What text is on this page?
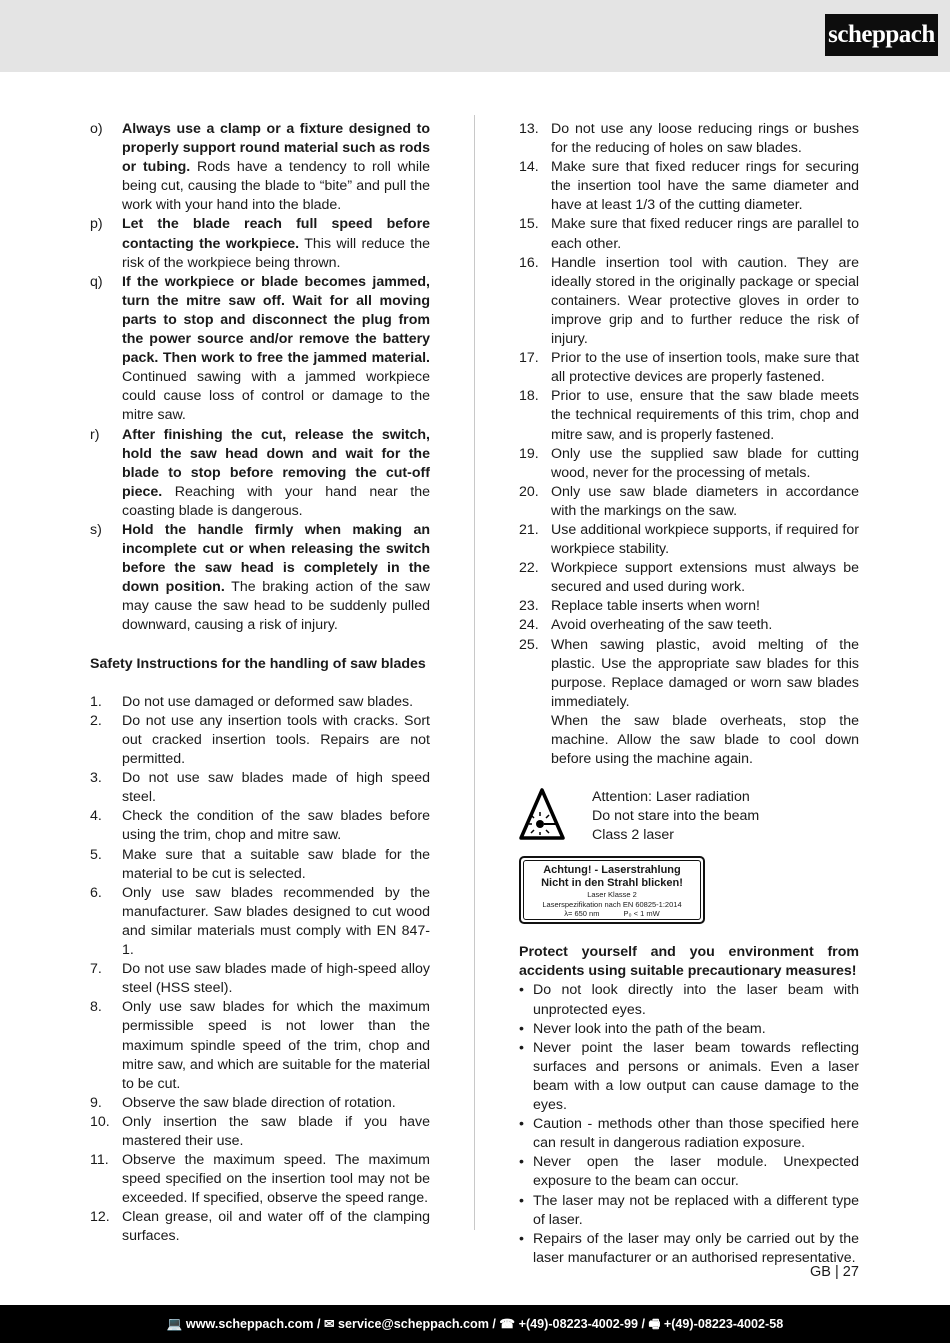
scheppach
o)	Always use a clamp or a fixture designed to properly support round material such as rods or tubing. Rods have a tendency to roll while being cut, causing the blade to “bite” and pull the work with your hand into the blade.
p)	Let the blade reach full speed before contacting the workpiece. This will reduce the risk of the workpiece being thrown.
q)	If the workpiece or blade becomes jammed, turn the mitre saw off. Wait for all moving parts to stop and disconnect the plug from the power source and/or remove the battery pack. Then work to free the jammed material. Continued sawing with a jammed workpiece could cause loss of control or damage to the mitre saw.
r)	After finishing the cut, release the switch, hold the saw head down and wait for the blade to stop before removing the cut-off piece. Reaching with your hand near the coasting blade is dangerous.
s)	Hold the handle firmly when making an incomplete cut or when releasing the switch before the saw head is completely in the down position. The braking action of the saw may cause the saw head to be suddenly pulled downward, causing a risk of injury.
Safety Instructions for the handling of saw blades
1.	Do not use damaged or deformed saw blades.
2.	Do not use any insertion tools with cracks. Sort out cracked insertion tools. Repairs are not permitted.
3.	Do not use saw blades made of high speed steel.
4.	Check the condition of the saw blades before using the trim, chop and mitre saw.
5.	Make sure that a suitable saw blade for the material to be cut is selected.
6.	Only use saw blades recommended by the manufacturer. Saw blades designed to cut wood and similar materials must comply with EN 847-1.
7.	Do not use saw blades made of high-speed alloy steel (HSS steel).
8.	Only use saw blades for which the maximum permissible speed is not lower than the maximum spindle speed of the trim, chop and mitre saw, and which are suitable for the material to be cut.
9.	Observe the saw blade direction of rotation.
10. Only insertion the saw blade if you have mastered their use.
11. Observe the maximum speed. The maximum speed specified on the insertion tool may not be exceeded. If specified, observe the speed range.
12. Clean grease, oil and water off of the clamping surfaces.
13. Do not use any loose reducing rings or bushes for the reducing of holes on saw blades.
14. Make sure that fixed reducer rings for securing the insertion tool have the same diameter and have at least 1/3 of the cutting diameter.
15. Make sure that fixed reducer rings are parallel to each other.
16. Handle insertion tool with caution. They are ideally stored in the originally package or special containers. Wear protective gloves in order to improve grip and to further reduce the risk of injury.
17. Prior to the use of insertion tools, make sure that all protective devices are properly fastened.
18. Prior to use, ensure that the saw blade meets the technical requirements of this trim, chop and mitre saw, and is properly fastened.
19. Only use the supplied saw blade for cutting wood, never for the processing of metals.
20. Only use saw blade diameters in accordance with the markings on the saw.
21. Use additional workpiece supports, if required for workpiece stability.
22. Workpiece support extensions must always be secured and used during work.
23. Replace table inserts when worn!
24. Avoid overheating of the saw teeth.
25. When sawing plastic, avoid melting of the plastic. Use the appropriate saw blades for this purpose. Replace damaged or worn saw blades immediately.
When the saw blade overheats, stop the machine. Allow the saw blade to cool down before using the machine again.
Attention: Laser radiation
Do not stare into the beam
Class 2 laser
Achtung! - Laserstrahlung
Nicht in den Strahl blicken!
Laser Klasse 2
Laserspezifikation nach EN 60825-1:2014
λ= 650 nm	P₀ < 1 mW
Protect yourself and you environment from accidents using suitable precautionary measures!
• Do not look directly into the laser beam with unprotected eyes.
• Never look into the path of the beam.
• Never point the laser beam towards reflecting surfaces and persons or animals. Even a laser beam with a low output can cause damage to the eyes.
• Caution - methods other than those specified here can result in dangerous radiation exposure.
• Never open the laser module. Unexpected exposure to the beam can occur.
• The laser may not be replaced with a different type of laser.
• Repairs of the laser may only be carried out by the laser manufacturer or an authorised representative.
GB | 27
💻 www.scheppach.com / ✉ service@scheppach.com / ☎ +(49)-08223-4002-99 / 🖷 +(49)-08223-4002-58
